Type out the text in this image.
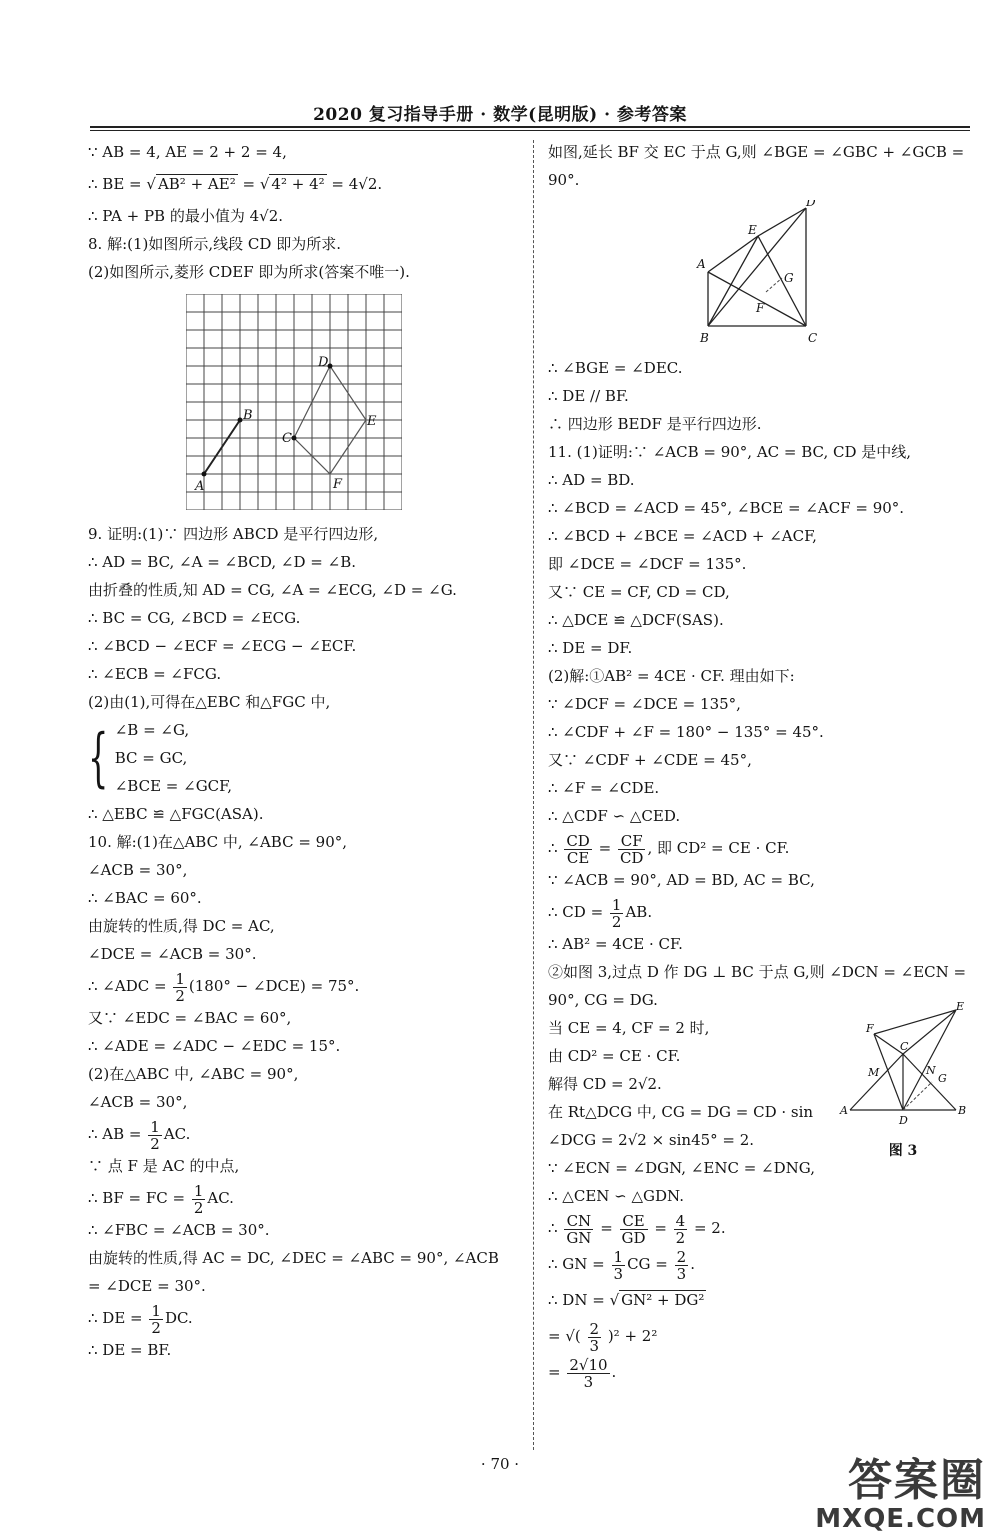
2020 复习指导手册 · 数学(昆明版) · 参考答案
∵ AB = 4, AE = 2 + 2 = 4,
∴ BE = √ AB² + AE² = √ 4² + 4² = 4√2.
∴ PA + PB 的最小值为 4√2.
8. 解:(1)如图所示,线段 CD 即为所求.
(2)如图所示,菱形 CDEF 即为所求(答案不唯一).
A
B
C
D
E
F
9. 证明:(1)∵ 四边形 ABCD 是平行四边形,
∴ AD = BC, ∠A = ∠BCD, ∠D = ∠B.
由折叠的性质,知 AD = CG, ∠A = ∠ECG, ∠D = ∠G.
∴ BC = CG, ∠BCD = ∠ECG.
∴ ∠BCD − ∠ECF = ∠ECG − ∠ECF.
∴ ∠ECB = ∠FCG.
(2)由(1),可得在△EBC 和△FGC 中,
{ ∠B = ∠G,
BC = GC,
∠BCE = ∠GCF,
∴ △EBC ≌ △FGC(ASA).
10. 解:(1)在△ABC 中, ∠ABC = 90°,
∠ACB = 30°,
∴ ∠BAC = 60°.
由旋转的性质,得 DC = AC,
∠DCE = ∠ACB = 30°.
∴ ∠ADC = $\frac{1}{2} (180^\circ$ − ∠DCE) = 75°.
又∵ ∠EDC = ∠BAC = 60°,
∴ ∠ADE = ∠ADC − ∠EDC = 15°.
(2)在△ABC 中, ∠ABC = 90°,
∠ACB = 30°,
∴ AB = $\frac{1}{2}$ AC.
∵ 点 F 是 AC 的中点,
∴ BF = FC = $\frac{1}{2}$ AC.
∴ ∠FBC = ∠ACB = 30°.
由旋转的性质,得 AC = DC, ∠DEC = ∠ABC = 90°, ∠ACB
= ∠DCE = 30°.
∴ DE = $\frac{1}{2}$ DC.
∴ DE = BF.
如图,延长 BF 交 EC 于点 G,则 ∠BGE = ∠GBC + ∠GCB =
90°.
A
B	C
D
E
F
G
∴ ∠BGE = ∠DEC.
∴ DE // BF.
∴ 四边形 BEDF 是平行四边形.
11. (1)证明:∵ ∠ACB = 90°, AC = BC, CD 是中线,
∴ AD = BD.
∴ ∠BCD = ∠ACD = 45°, ∠BCE = ∠ACF = 90°.
∴ ∠BCD + ∠BCE = ∠ACD + ∠ACF,
即 ∠DCE = ∠DCF = 135°.
又∵ CE = CF, CD = CD,
∴ △DCE ≌ △DCF(SAS).
∴ DE = DF.
(2)解:①AB² = 4CE · CF. 理由如下:
∵ ∠DCF = ∠DCE = 135°,
∴ ∠CDF + ∠F = 180° − 135° = 45°.
又∵ ∠CDF + ∠CDE = 45°,
∴ ∠F = ∠CDE.
∴ △CDF ∽ △CED.
∴ $\frac{CD}{CE} = \frac{CF}{CD}$ , 即 CD² = CE · CF.
∵ ∠ACB = 90°, AD = BD, AC = BC,
∴ CD = $\frac{1}{2}$ AB.
∴ AB² = 4CE · CF.
②如图 3,过点 D 作 DG ⊥ BC 于点 G,则 ∠DCN = ∠ECN =
90°, CG = DG.
当 CE = 4, CF = 2 时,
由 CD² = CE · CF.
解得 CD = 2√2.
在 Rt△DCG 中, CG = DG = CD · sin
∠DCG = 2√2 × sin45° = 2.
A	B
C
D
E
F
G
M	N
图 3
∵ ∠ECN = ∠DGN, ∠ENC = ∠DNG,
∴ △CEN ∽ △GDN.
∴ $\frac{CN}{GN} = \frac{CE}{GD} = \frac{4}{2} = 2$.
∴ GN = $\frac{1}{3}$ CG = $\frac{2}{3}$ .
∴ DN = √ GN² + DG²
= √( $\frac{2}{3} )^2 + 2^2$
= $\frac{2√10}{3}$ .
· 70 ·	答案圈
MXQE.COM
